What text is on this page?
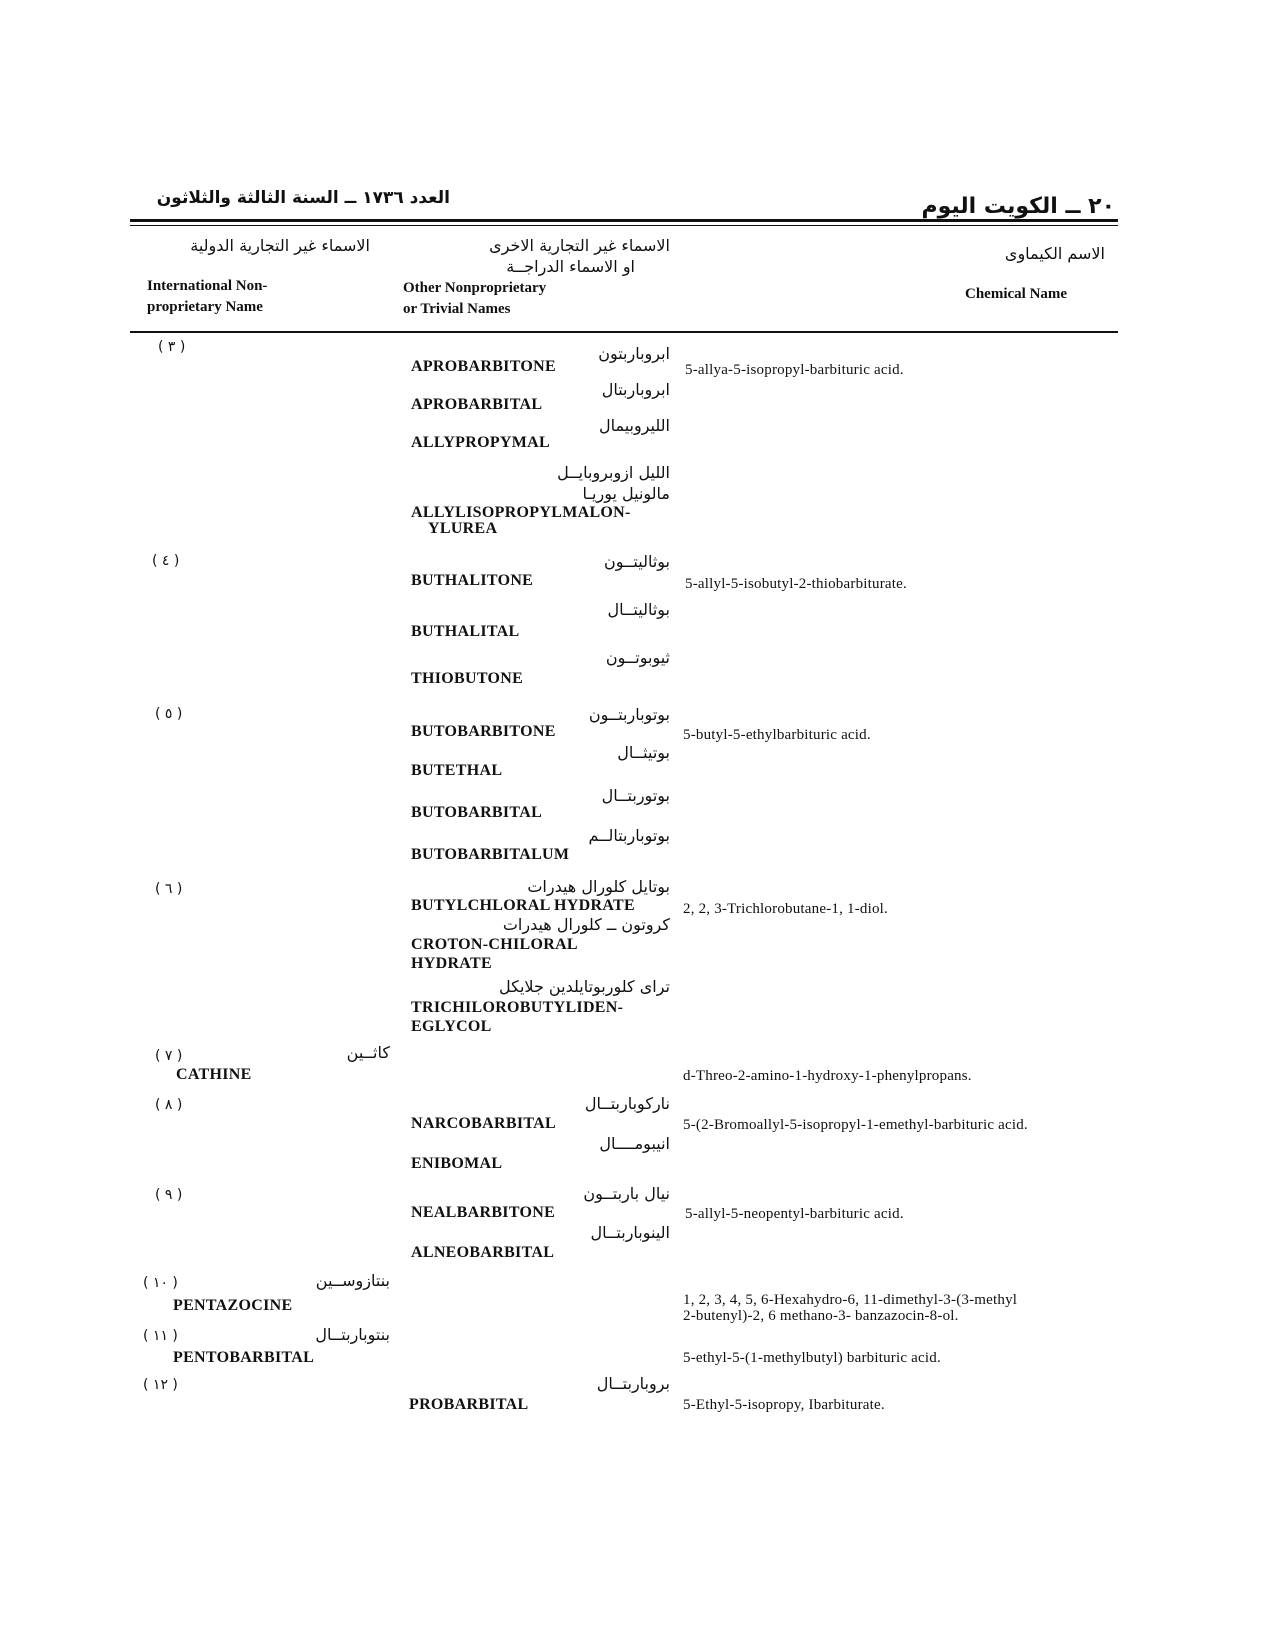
٢٠ ــ الكويت اليوم
العدد ١٧٣٦ ــ السنة الثالثة والثلاثون
الاسماء غير التجارية الدولية
International Non-
proprietary Name
الاسماء غير التجارية الاخرى
او الاسماء الدراجــة
Other Nonproprietary
or Trivial Names
الاسم الكيماوى
Chemical Name
( ٣ )	ابروباربتون
APROBARBITONE	5-allya-5-isopropyl-barbituric acid.
ابروباربتال
APROBARBITAL
الليروبيمال
ALLYPROPYMAL
الليل ازوبروبايــل
مالونيل يوريـا
ALLYLISOPROPYLMALON-
YLUREA
( ٤ )	بوثاليتــون
BUTHALITONE	5-allyl-5-isobutyl-2-thiobarbiturate.
بوثاليتــال
BUTHALITAL
ثيوبوتــون
THIOBUTONE
( ٥ )	بوتوباربتــون
BUTOBARBITONE	5-butyl-5-ethylbarbituric acid.
بوتيثــال
BUTETHAL
بوتوربتــال
BUTOBARBITAL
بوتوباربتالــم
BUTOBARBITALUM
( ٦ )	بوتايل كلورال هيدرات
BUTYLCHLORAL HYDRATE	2, 2, 3-Trichlorobutane-1, 1-diol.
كروتون ــ كلورال هيدرات
CROTON-CHILORAL
HYDRATE
تراى كلوربوتايلدين جلايكل
TRICHILOROBUTYLIDEN-
EGLYCOL
( ٧ )	كاثــين
CATHINE	d-Threo-2-amino-1-hydroxy-1-phenylpropans.
( ٨ )	ناركوباربتــال
NARCOBARBITAL	5-(2-Bromoallyl-5-isopropyl-1-emethyl-barbituric acid.
انيبومــــال
ENIBOMAL
( ٩ )	نيال باربتــون
NEALBARBITONE	5-allyl-5-neopentyl-barbituric acid.
الينوباربتــال
ALNEOBARBITAL
( ١٠ )	بنتازوســين
PENTAZOCINE	1, 2, 3, 4, 5, 6-Hexahydro-6, 11-dimethyl-3-(3-methyl
2-butenyl)-2, 6 methano-3- banzazocin-8-ol.
( ١١ )	بنتوباربتــال
PENTOBARBITAL	5-ethyl-5-(1-methylbutyl) barbituric acid.
( ١٢ )	بروباربتــال
PROBARBITAL	5-Ethyl-5-isopropy, Ibarbiturate.
